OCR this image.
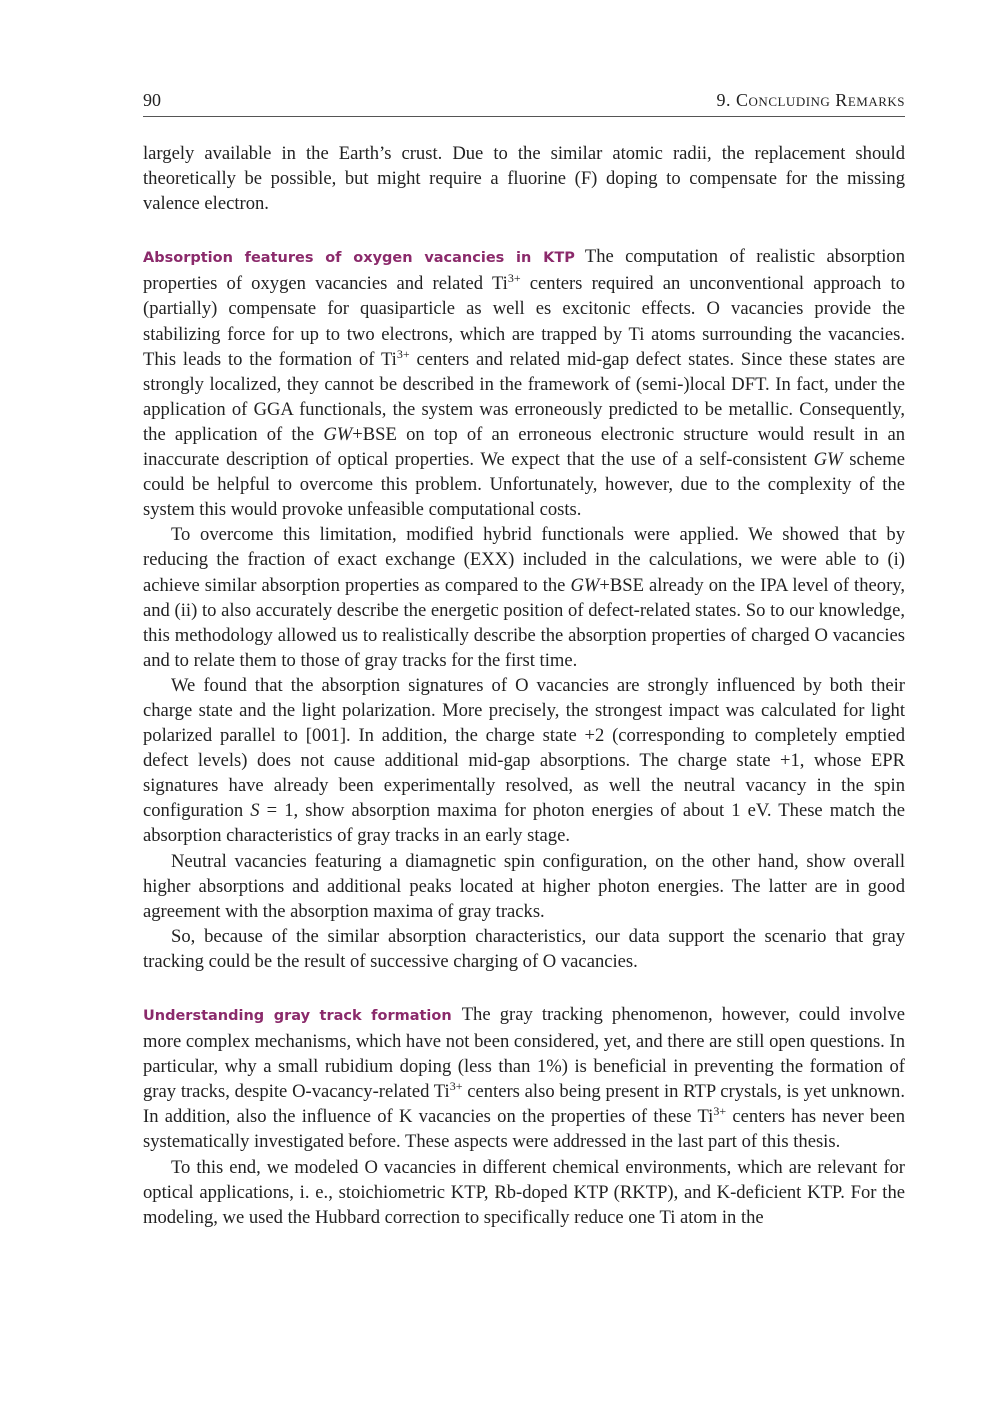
90	9. Concluding Remarks

largely available in the Earth’s crust. Due to the similar atomic radii, the replacement should theoretically be possible, but might require a fluorine (F) doping to compensate for the missing valence electron.

Absorption features of oxygen vacancies in KTP The computation of realistic absorption properties of oxygen vacancies and related $Ti^{3+}$ centers required an unconventional approach to (partially) compensate for quasiparticle as well es excitonic effects. O vacancies provide the stabilizing force for up to two electrons, which are trapped by Ti atoms surrounding the vacancies. This leads to the formation of $Ti^{3+}$ centers and related mid-gap defect states. Since these states are strongly localized, they cannot be described in the framework of (semi-)local DFT. In fact, under the application of GGA functionals, the system was erroneously predicted to be metallic. Consequently, the application of the GW+BSE on top of an erroneous electronic structure would result in an inaccurate description of optical properties. We expect that the use of a self-consistent GW scheme could be helpful to overcome this problem. Unfortunately, however, due to the complexity of the system this would provoke unfeasible computational costs.

To overcome this limitation, modified hybrid functionals were applied. We showed that by reducing the fraction of exact exchange (EXX) included in the calculations, we were able to (i) achieve similar absorption properties as compared to the GW+BSE already on the IPA level of theory, and (ii) to also accurately describe the energetic position of defect-related states. So to our knowledge, this methodology allowed us to realistically describe the absorption properties of charged O vacancies and to relate them to those of gray tracks for the first time.

We found that the absorption signatures of O vacancies are strongly influenced by both their charge state and the light polarization. More precisely, the strongest impact was calculated for light polarized parallel to [001]. In addition, the charge state +2 (corresponding to completely emptied defect levels) does not cause additional mid-gap absorptions. The charge state +1, whose EPR signatures have already been experimentally resolved, as well the neutral vacancy in the spin configuration S = 1, show absorption maxima for photon energies of about 1 eV. These match the absorption characteristics of gray tracks in an early stage.

Neutral vacancies featuring a diamagnetic spin configuration, on the other hand, show overall higher absorptions and additional peaks located at higher photon energies. The latter are in good agreement with the absorption maxima of gray tracks.

So, because of the similar absorption characteristics, our data support the scenario that gray tracking could be the result of successive charging of O vacancies.

Understanding gray track formation The gray tracking phenomenon, however, could involve more complex mechanisms, which have not been considered, yet, and there are still open questions. In particular, why a small rubidium doping (less than 1%) is beneficial in preventing the formation of gray tracks, despite O-vacancy-related $Ti^{3+}$ centers also being present in RTP crystals, is yet unknown. In addition, also the influence of K vacancies on the properties of these $Ti^{3+}$ centers has never been systematically investigated before. These aspects were addressed in the last part of this thesis.

To this end, we modeled O vacancies in different chemical environments, which are relevant for optical applications, i. e., stoichiometric KTP, Rb-doped KTP (RKTP), and K-deficient KTP. For the modeling, we used the Hubbard correction to specifically reduce one Ti atom in the
